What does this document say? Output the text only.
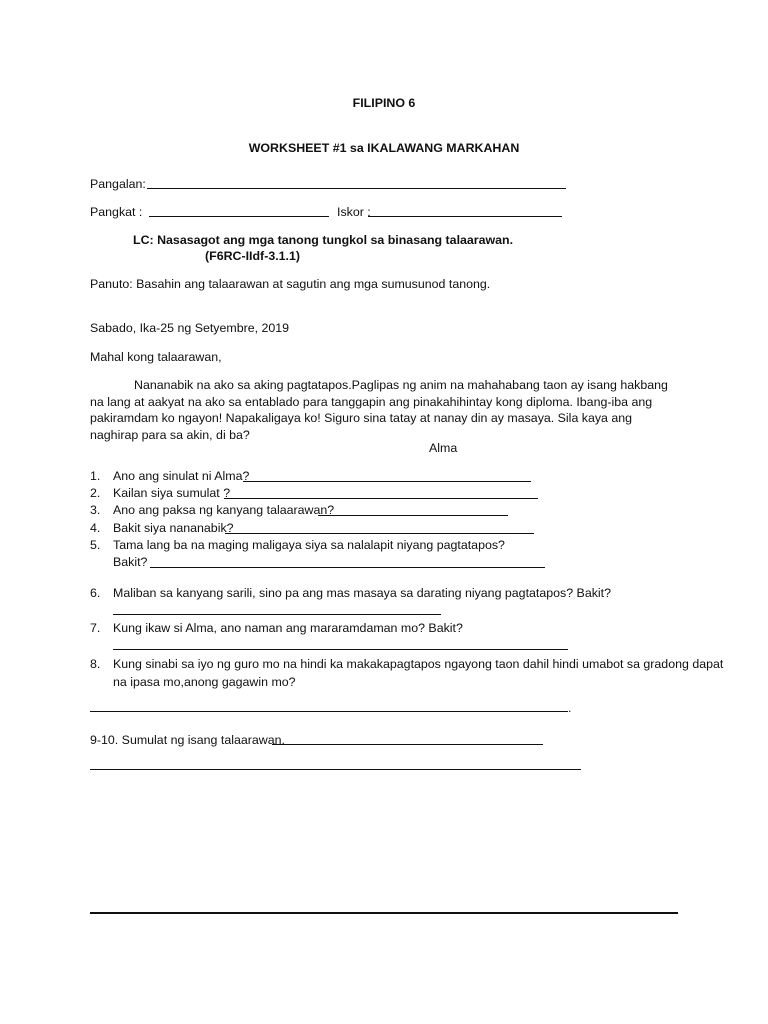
FILIPINO 6
WORKSHEET #1 sa IKALAWANG MARKAHAN
Pangalan:
Pangkat :	Iskor :
LC: Nasasagot ang mga tanong tungkol sa binasang talaarawan.
(F6RC-IIdf-3.1.1)
Panuto: Basahin ang talaarawan at sagutin ang mga sumusunod tanong.
Sabado, Ika-25 ng Setyembre, 2019
Mahal kong talaarawan,
Nananabik na ako sa aking pagtatapos.Paglipas ng anim na mahahabang taon ay isang hakbang na lang at aakyat na ako sa entablado para tanggapin ang pinakahihintay kong diploma. Ibang-iba ang pakiramdam ko ngayon! Napakaligaya ko! Siguro sina tatay at nanay din ay masaya. Sila kaya ang naghirap para sa akin, di ba?
Alma
1. Ano ang sinulat ni Alma?
2. Kailan siya sumulat ?
3. Ano ang paksa ng kanyang talaarawan?
4. Bakit siya nananabik?
5. Tama lang ba na maging maligaya siya sa nalalapit niyang pagtatapos?
Bakit?
6. Maliban sa kanyang sarili, sino pa ang mas masaya sa darating niyang pagtatapos? Bakit?
7. Kung ikaw si Alma, ano naman ang mararamdaman mo? Bakit?
8. Kung sinabi sa iyo ng guro mo na hindi ka makakapagtapos ngayong taon dahil hindi umabot sa gradong dapat
na ipasa mo,anong gagawin mo?
.
9-10. Sumulat ng isang talaarawan.
